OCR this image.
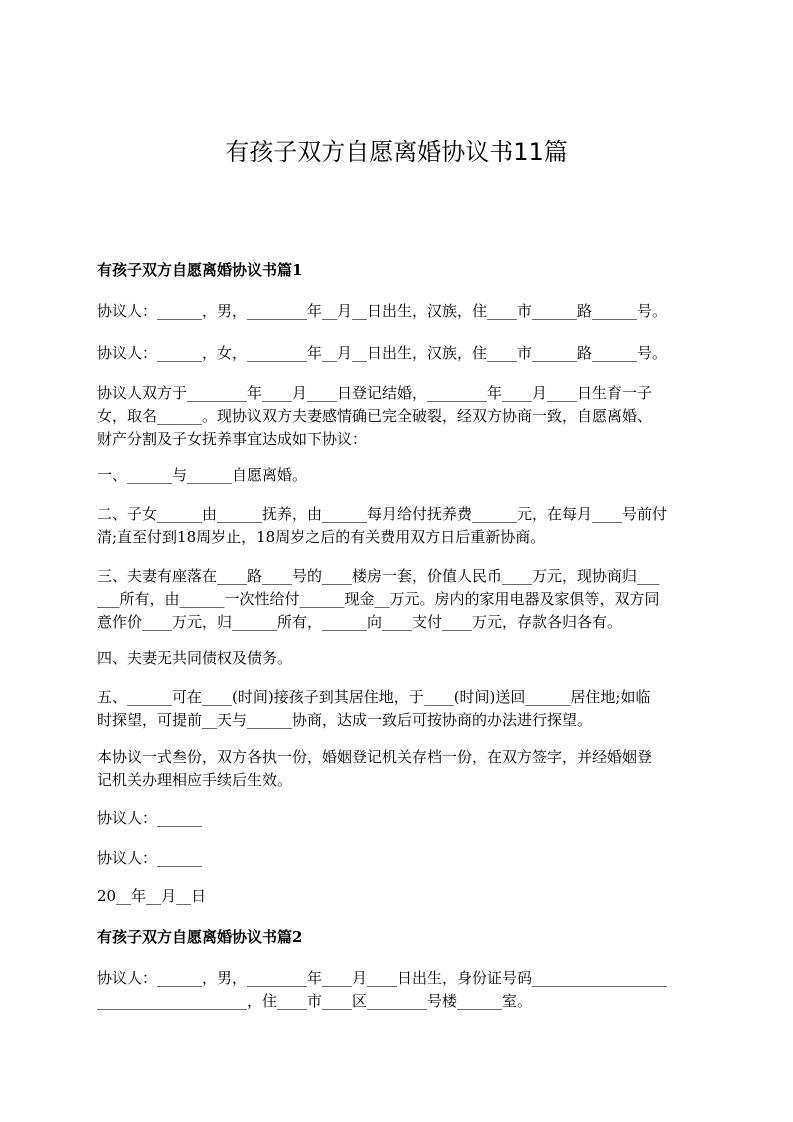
有孩子双方自愿离婚协议书11篇
有孩子双方自愿离婚协议书篇1
协议人：______，男，________年__月__日出生，汉族，住____市______路______号。
协议人：______，女，________年__月__日出生，汉族，住____市______路______号。
协议人双方于________年____月____日登记结婚，________年____月____日生育一子
女，取名______。现协议双方夫妻感情确已完全破裂，经双方协商一致，自愿离婚、
财产分割及子女抚养事宜达成如下协议：
一、______与______自愿离婚。
二、子女______由______抚养，由______每月给付抚养费______元，在每月____号前付
清;直至付到18周岁止，18周岁之后的有关费用双方日后重新协商。
三、夫妻有座落在____路____号的____楼房一套，价值人民币____万元，现协商归___
___所有，由______一次性给付______现金__万元。房内的家用电器及家俱等，双方同
意作价____万元，归______所有，______向____支付____万元，存款各归各有。
四、夫妻无共同债权及债务。
五、______可在____(时间)接孩子到其居住地，于____(时间)送回______居住地;如临
时探望，可提前__天与______协商，达成一致后可按协商的办法进行探望。
本协议一式叁份，双方各执一份，婚姻登记机关存档一份，在双方签字，并经婚姻登
记机关办理相应手续后生效。
协议人：______
协议人：______
20__年__月__日
有孩子双方自愿离婚协议书篇2
协议人：______，男，________年____月____日出生，身份证号码__________________
____________________，住____市____区________号楼______室。
